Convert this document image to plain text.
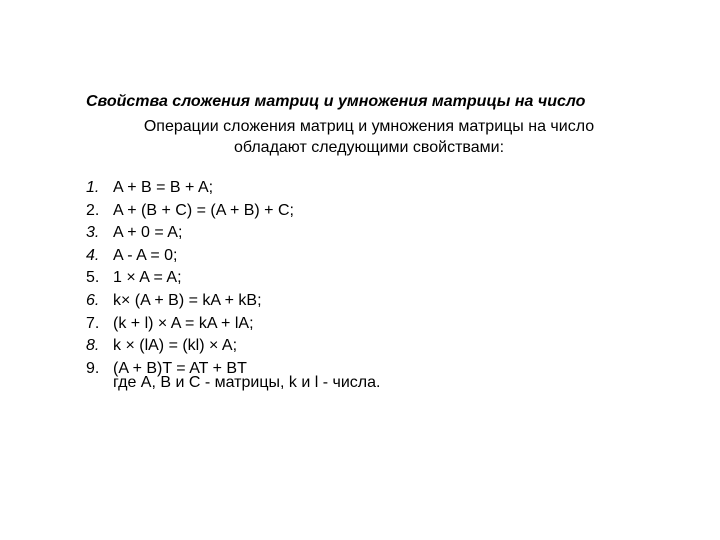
Свойства сложения матриц и умножения матрицы на число
Операции сложения матриц и умножения матрицы на число
обладают следующими свойствами:
1. A + B = B + A;
2. A + (B + C) = (A + B) + C;
3. A + 0 = A;
4. A - A = 0;
5. 1 × A = A;
6. k× (A + B) = kA + kB;
7. (k + l) × A = kA + lA;
8. k × (lA) = (kl) × A;
9. (A + B)T = AT + BT
где A, B и C - матрицы, k и l - числа.
